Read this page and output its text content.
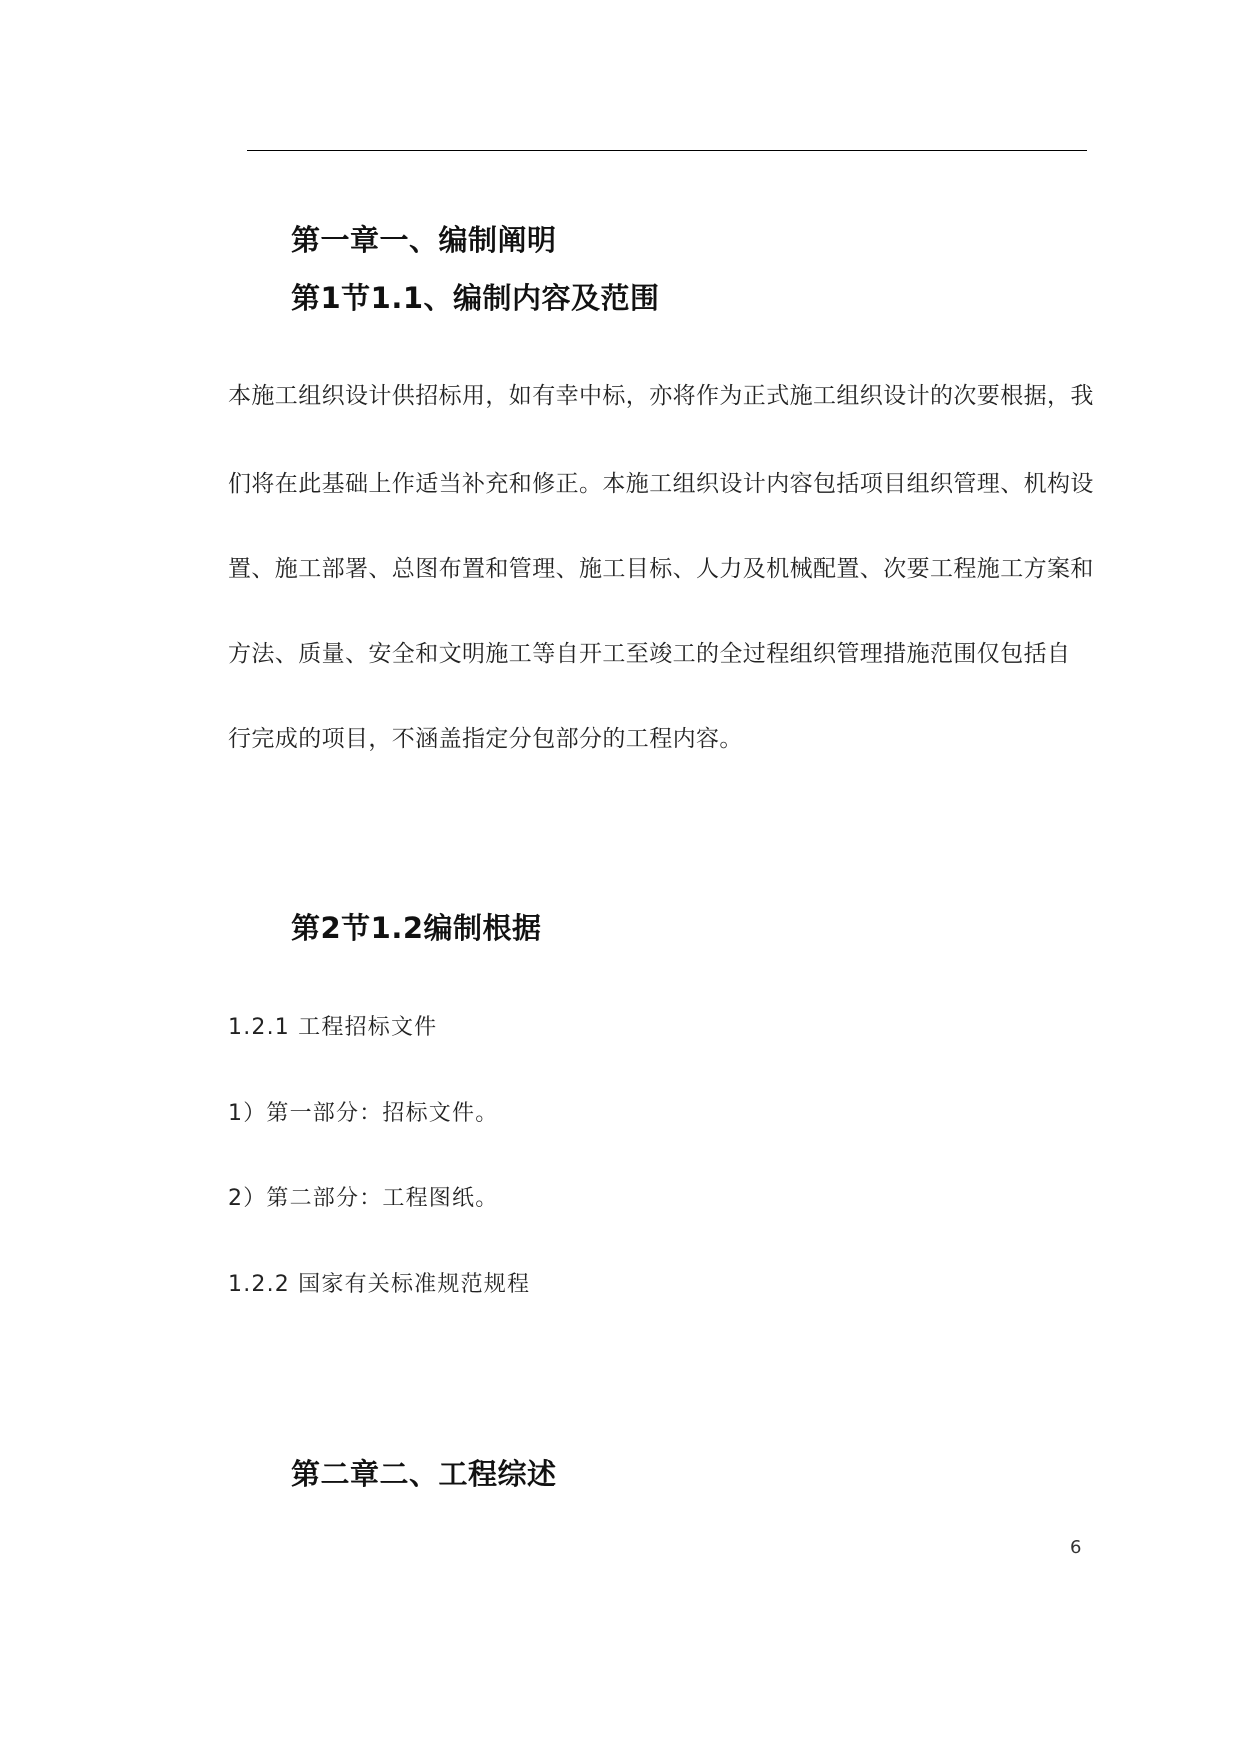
第一章一、编制阐明
第1节1.1、编制内容及范围
本施工组织设计供招标用，如有幸中标，亦将作为正式施工组织设计的次要根据，我
们将在此基础上作适当补充和修正。本施工组织设计内容包括项目组织管理、机构设
置、施工部署、总图布置和管理、施工目标、人力及机械配置、次要工程施工方案和
方法、质量、安全和文明施工等自开工至竣工的全过程组织管理措施范围仅包括自
行完成的项目，不涵盖指定分包部分的工程内容。
第2节1.2编制根据
1.2.1 工程招标文件
1）第一部分：招标文件。
2）第二部分：工程图纸。
1.2.2 国家有关标准规范规程
第二章二、工程综述
6
